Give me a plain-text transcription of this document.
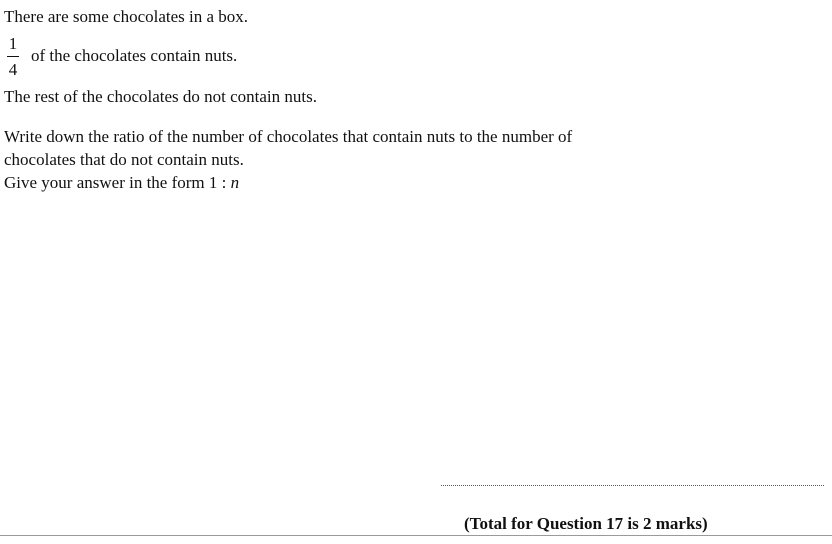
There are some chocolates in a box.
1
4
of the chocolates contain nuts.
The rest of the chocolates do not contain nuts.
Write down the ratio of the number of chocolates that contain nuts to the number of
chocolates that do not contain nuts.
Give your answer in the form 1 : n
(Total for Question 17 is 2 marks)
